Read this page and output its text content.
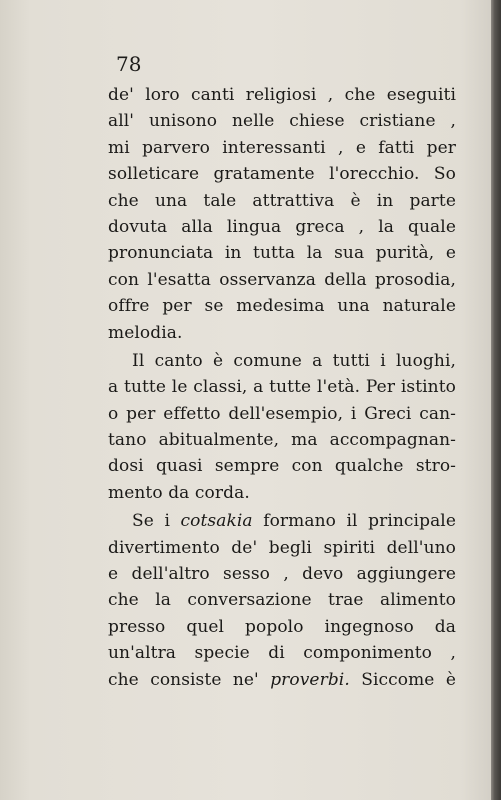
78
de' loro canti religiosi , che eseguiti
all' unisono nelle chiese cristiane ,
mi parvero interessanti , e fatti per
solleticare gratamente l'orecchio. So
che una tale attrattiva è in parte
dovuta alla lingua greca , la quale
pronunciata in tutta la sua purità, e
con l'esatta osservanza della prosodia,
offre per se medesima una naturale
melodia.
Il canto è comune a tutti i luoghi,
a tutte le classi, a tutte l'età. Per istinto
o per effetto dell'esempio, i Greci can-
tano abitualmente, ma accompagnan-
dosi quasi sempre con qualche stro-
mento da corda.
Se i cotsakia formano il principale
divertimento de' begli spiriti dell'uno
e dell'altro sesso , devo aggiungere
che la conversazione trae alimento
presso quel popolo ingegnoso da
un'altra specie di componimento ,
che consiste ne' proverbi. Siccome è
